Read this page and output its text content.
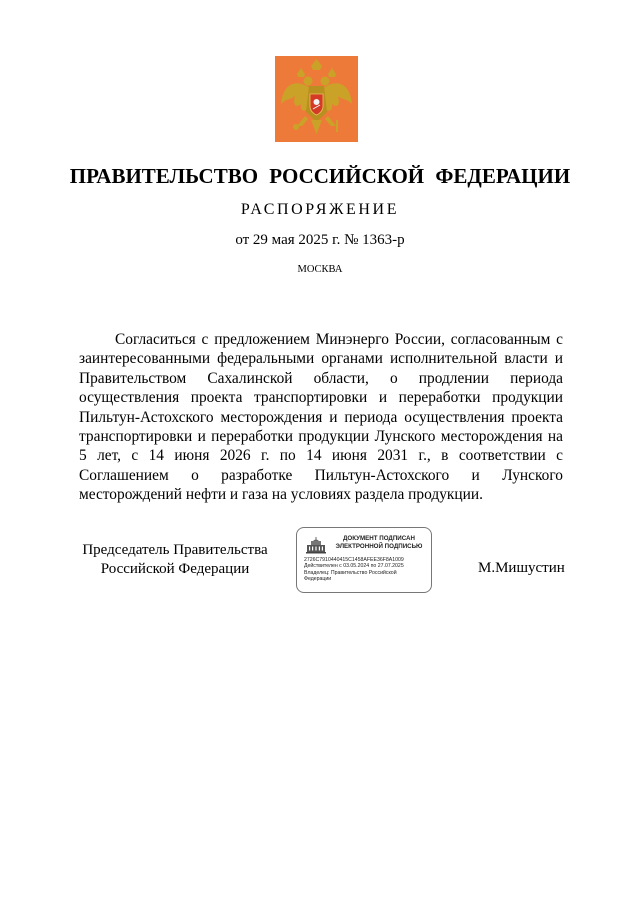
ПРАВИТЕЛЬСТВО РОССИЙСКОЙ ФЕДЕРАЦИИ
РАСПОРЯЖЕНИЕ
от 29 мая 2025 г. № 1363-р
МОСКВА
Согласиться с предложением Минэнерго России, согласованным с заинтересованными федеральными органами исполнительной власти и Правительством Сахалинской области, о продлении периода осуществления проекта транспортировки и переработки продукции Пильтун-Астохского месторождения и периода осуществления проекта транспортировки и переработки продукции Лунского месторождения на 5 лет, с 14 июня 2026 г. по 14 июня 2031 г., в соответствии с Соглашением о разработке Пильтун-Астохского и Лунского месторождений нефти и газа на условиях раздела продукции.
Председатель Правительства
Российской Федерации
ДОКУМЕНТ ПОДПИСАН
ЭЛЕКТРОННОЙ ПОДПИСЬЮ
2726C7910440415C1458AFEE36F8A1009
Действителен с 03.05.2024 по 27.07.2025
Владелец: Правительство Российской
Федерации
М.Мишустин
